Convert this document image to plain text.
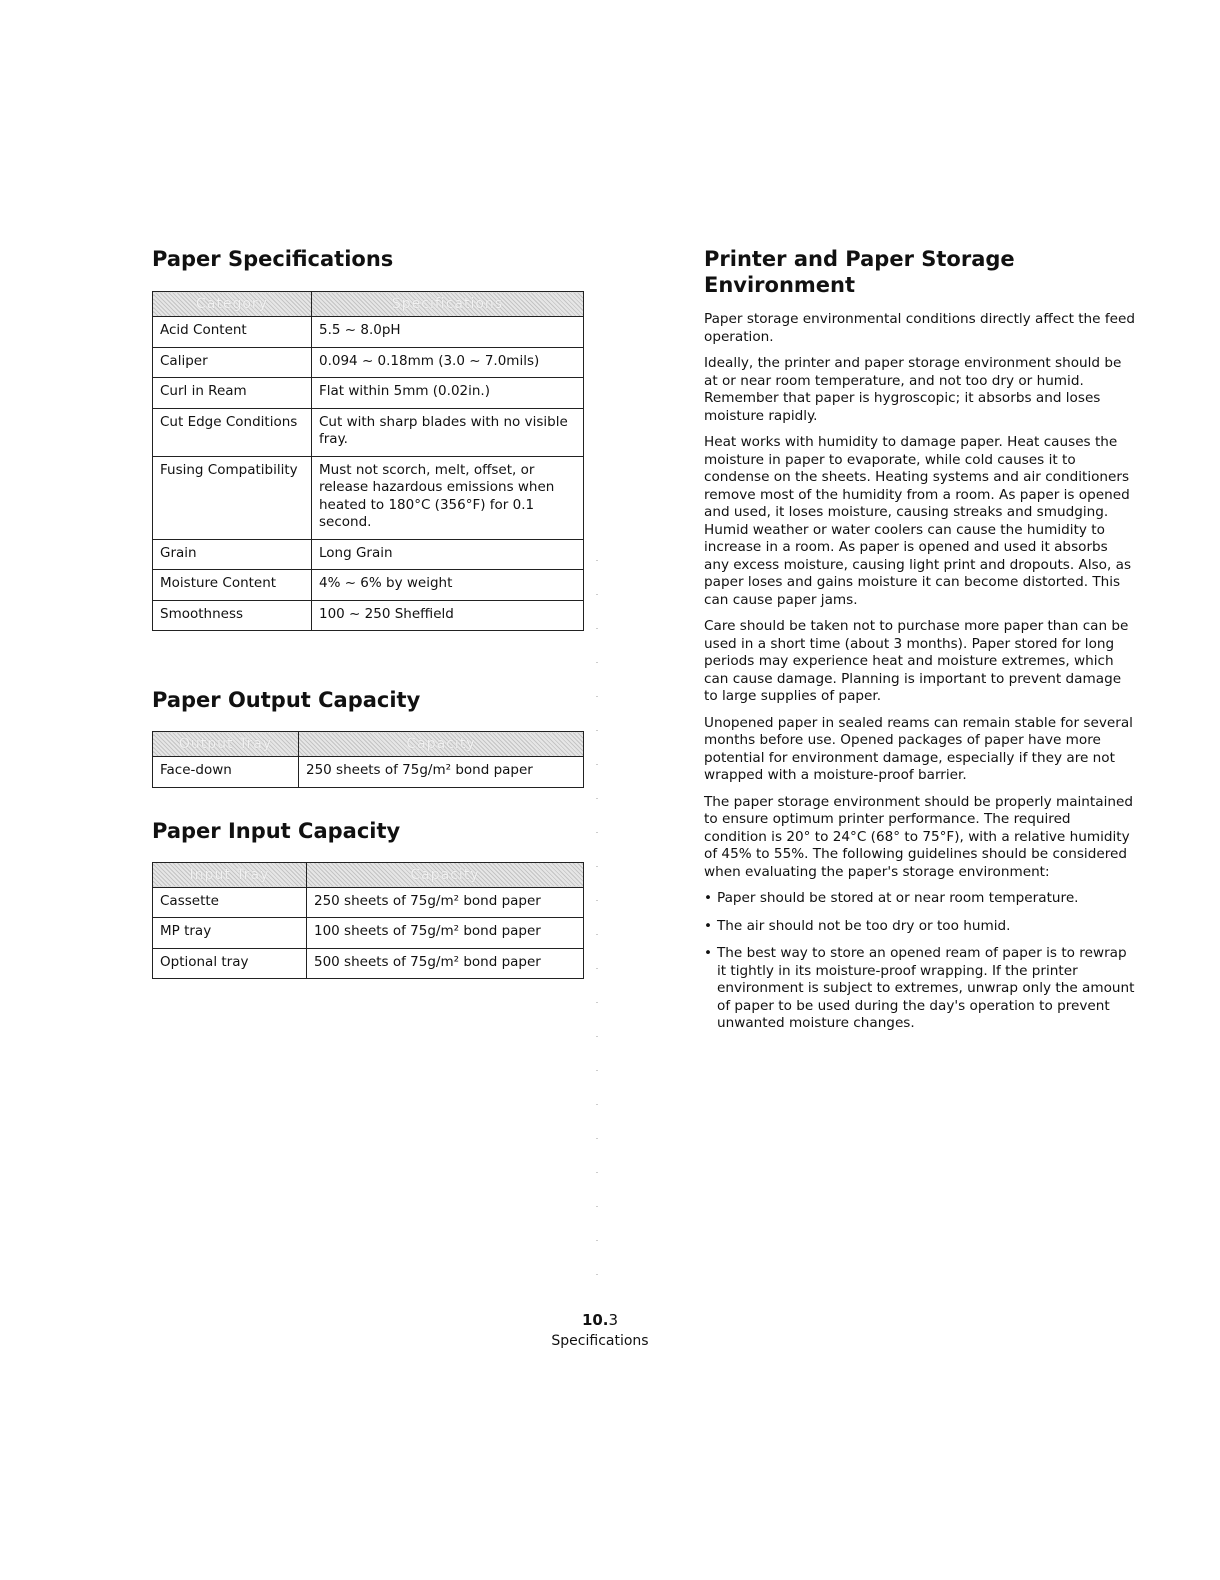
Paper Specifications
Category	Specifications
Acid Content	5.5 ~ 8.0pH
Caliper	0.094 ~ 0.18mm (3.0 ~ 7.0mils)
Curl in Ream	Flat within 5mm (0.02in.)
Cut Edge Conditions	Cut with sharp blades with no visible fray.
Fusing Compatibility	Must not scorch, melt, offset, or release hazardous emissions when heated to 180°C (356°F) for 0.1 second.
Grain	Long Grain
Moisture Content	4% ~ 6% by weight
Smoothness	100 ~ 250 Sheffield
Paper Output Capacity
Output Tray	Capacity
Face-down	250 sheets of 75g/m² bond paper
Paper Input Capacity
Input Tray	Capacity
Cassette	250 sheets of 75g/m² bond paper
MP tray	100 sheets of 75g/m² bond paper
Optional tray	500 sheets of 75g/m² bond paper
Printer and Paper Storage Environment

Paper storage environmental conditions directly affect the feed operation.

Ideally, the printer and paper storage environment should be at or near room temperature, and not too dry or humid. Remember that paper is hygroscopic; it absorbs and loses moisture rapidly.

Heat works with humidity to damage paper. Heat causes the moisture in paper to evaporate, while cold causes it to condense on the sheets. Heating systems and air conditioners remove most of the humidity from a room. As paper is opened and used, it loses moisture, causing streaks and smudging. Humid weather or water coolers can cause the humidity to increase in a room. As paper is opened and used it absorbs any excess moisture, causing light print and dropouts. Also, as paper loses and gains moisture it can become distorted. This can cause paper jams.

Care should be taken not to purchase more paper than can be used in a short time (about 3 months). Paper stored for long periods may experience heat and moisture extremes, which can cause damage. Planning is important to prevent damage to large supplies of paper.

Unopened paper in sealed reams can remain stable for several months before use. Opened packages of paper have more potential for environment damage, especially if they are not wrapped with a moisture-proof barrier.

The paper storage environment should be properly maintained to ensure optimum printer performance. The required condition is 20° to 24°C (68° to 75°F), with a relative humidity of 45% to 55%. The following guidelines should be considered when evaluating the paper's storage environment:

• Paper should be stored at or near room temperature.
• The air should not be too dry or too humid.
• The best way to store an opened ream of paper is to rewrap it tightly in its moisture-proof wrapping. If the printer environment is subject to extremes, unwrap only the amount of paper to be used during the day's operation to prevent unwanted moisture changes.
10.3
Specifications
